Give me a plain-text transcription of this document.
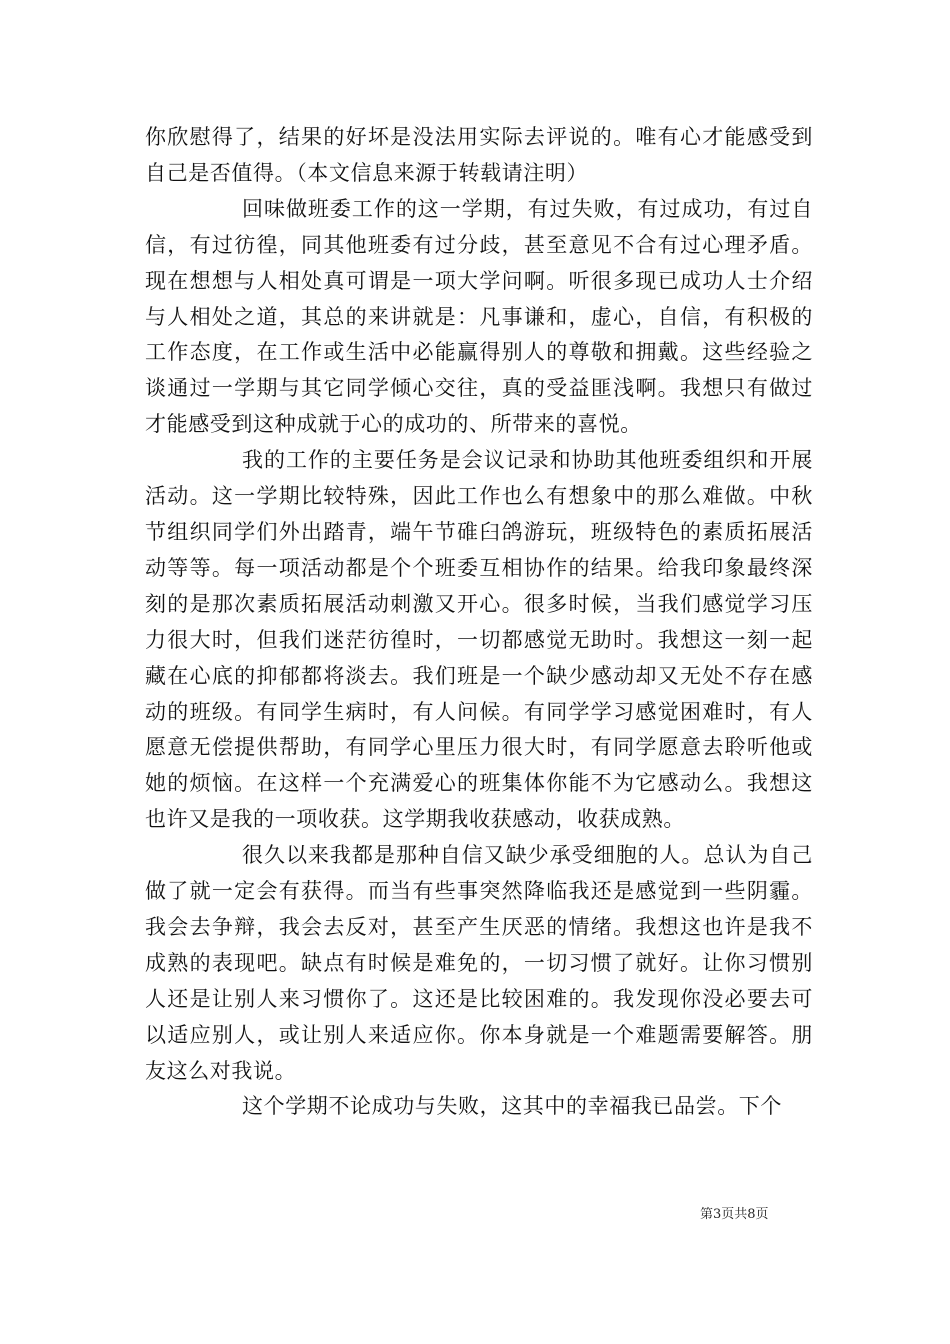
你欣慰得了，结果的好坏是没法用实际去评说的。唯有心才能感受到自己是否值得。（本文信息来源于转载请注明）

回味做班委工作的这一学期，有过失败，有过成功，有过自信，有过彷徨，同其他班委有过分歧，甚至意见不合有过心理矛盾。现在想想与人相处真可谓是一项大学问啊。听很多现已成功人士介绍与人相处之道，其总的来讲就是：凡事谦和，虚心，自信，有积极的工作态度，在工作或生活中必能赢得别人的尊敬和拥戴。这些经验之谈通过一学期与其它同学倾心交往，真的受益匪浅啊。我想只有做过才能感受到这种成就于心的成功的、所带来的喜悦。

我的工作的主要任务是会议记录和协助其他班委组织和开展活动。这一学期比较特殊，因此工作也么有想象中的那么难做。中秋节组织同学们外出踏青，端午节碓臼鸽游玩，班级特色的素质拓展活动等等。每一项活动都是个个班委互相协作的结果。给我印象最终深刻的是那次素质拓展活动刺激又开心。很多时候，当我们感觉学习压力很大时，但我们迷茫彷徨时，一切都感觉无助时。我想这一刻一起藏在心底的抑郁都将淡去。我们班是一个缺少感动却又无处不存在感动的班级。有同学生病时，有人问候。有同学学习感觉困难时，有人愿意无偿提供帮助，有同学心里压力很大时，有同学愿意去聆听他或她的烦恼。在这样一个充满爱心的班集体你能不为它感动么。我想这也许又是我的一项收获。这学期我收获感动，收获成熟。

很久以来我都是那种自信又缺少承受细胞的人。总认为自己做了就一定会有获得。而当有些事突然降临我还是感觉到一些阴霾。我会去争辩，我会去反对，甚至产生厌恶的情绪。我想这也许是我不成熟的表现吧。缺点有时候是难免的，一切习惯了就好。让你习惯别人还是让别人来习惯你了。这还是比较困难的。我发现你没必要去可以适应别人，或让别人来适应你。你本身就是一个难题需要解答。朋友这么对我说。

这个学期不论成功与失败，这其中的幸福我已品尝。下个

第3页共8页
